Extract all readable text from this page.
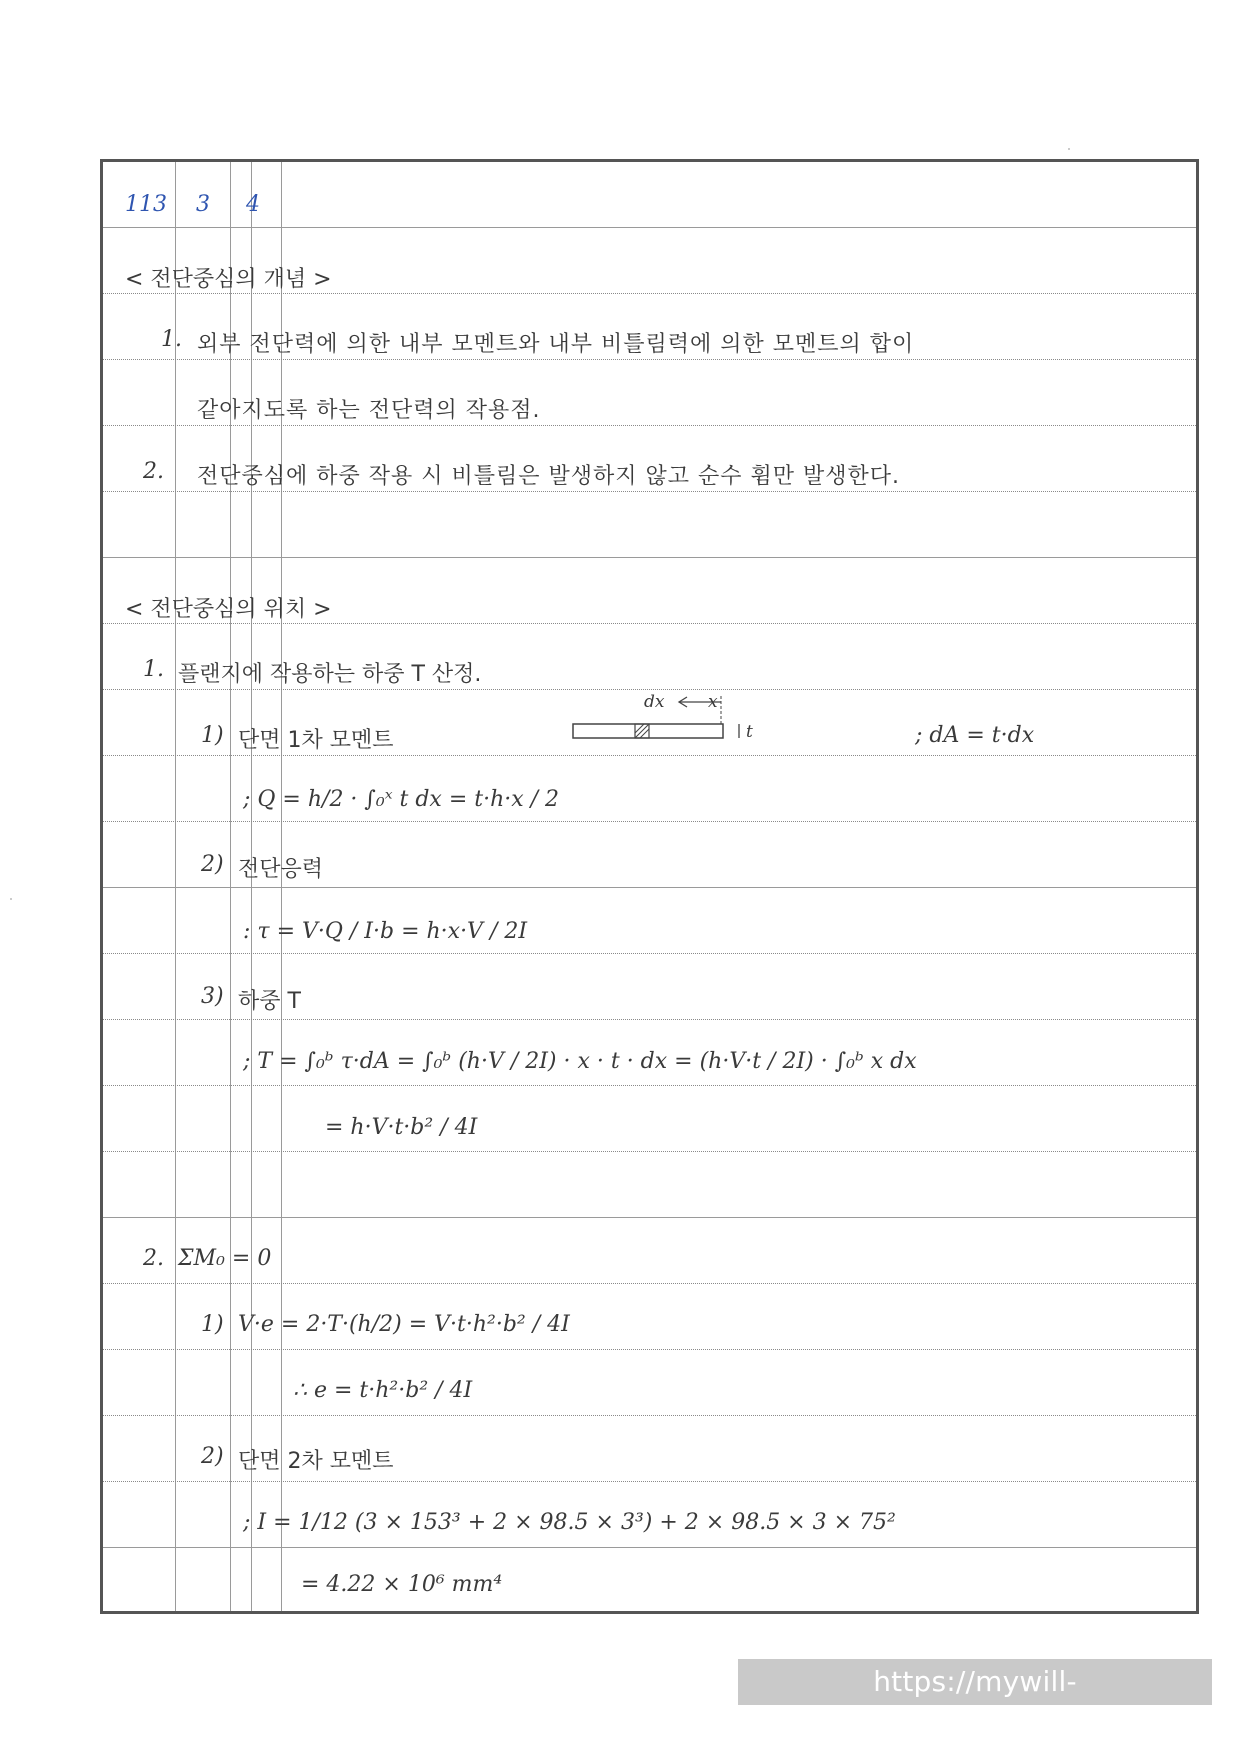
113 3 4
< 전단중심의 개념 >
1. 외부 전단력에 의한 내부 모멘트와 내부 비틀림력에 의한 모멘트의 합이
같아지도록 하는 전단력의 작용점.
2. 전단중심에 하중 작용 시 비틀림은 발생하지 않고 순수 휨만 발생한다.
< 전단중심의 위치 >
1. 플랜지에 작용하는 하중 T 산정.
1) 단면 1차 모멘트
dx	x
t	; dA = t·dx
; Q = h/2 · ∫₀ˣ t dx = t·h·x / 2
2) 전단응력
: τ = V·Q / I·b = h·x·V / 2I
3) 하중 T
; T = ∫₀ᵇ τ·dA = ∫₀ᵇ (h·V / 2I) · x · t · dx = (h·V·t / 2I) · ∫₀ᵇ x dx
= h·V·t·b² / 4I
2. ΣM₀ = 0
1) V·e = 2·T·(h/2) = V·t·h²·b² / 4I
∴ e = t·h²·b² / 4I
2) 단면 2차 모멘트
; I = 1/12 (3 × 153³ + 2 × 98.5 × 3³) + 2 × 98.5 × 3 × 75²
= 4.22 × 10⁶ mm⁴
https://mywill-engineer.tistory.com
